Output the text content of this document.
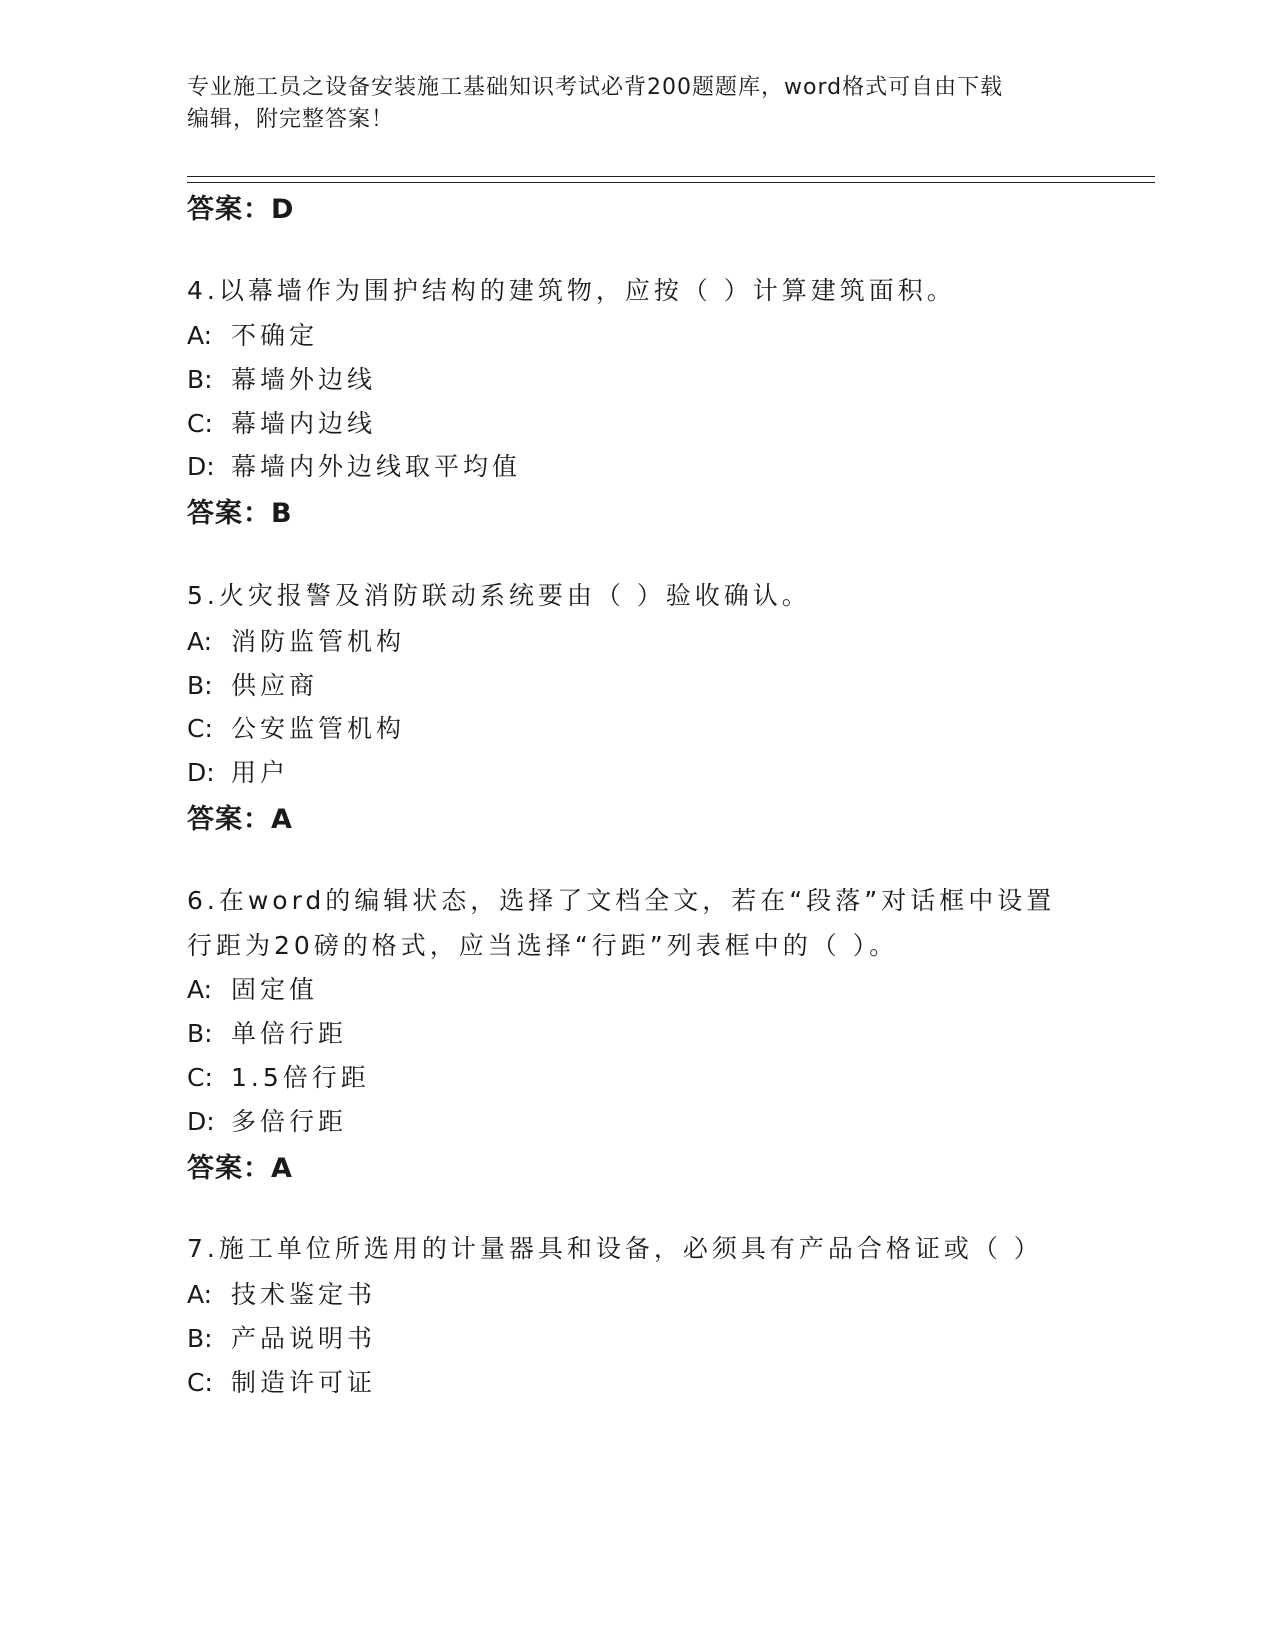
专业施工员之设备安装施工基础知识考试必背200题题库，word格式可自由下载
编辑，附完整答案！
答案：D
4.以幕墙作为围护结构的建筑物，应按（ ）计算建筑面积。
A: 不确定
B: 幕墙外边线
C: 幕墙内边线
D: 幕墙内外边线取平均值
答案：B
5.火灾报警及消防联动系统要由（ ）验收确认。
A: 消防监管机构
B: 供应商
C: 公安监管机构
D: 用户
答案：A
6.在word的编辑状态，选择了文档全文，若在“段落”对话框中设置
行距为20磅的格式，应当选择“行距”列表框中的（ ）。
A: 固定值
B: 单倍行距
C: 1.5倍行距
D: 多倍行距
答案：A
7.施工单位所选用的计量器具和设备，必须具有产品合格证或（ ）
A: 技术鉴定书
B: 产品说明书
C: 制造许可证
